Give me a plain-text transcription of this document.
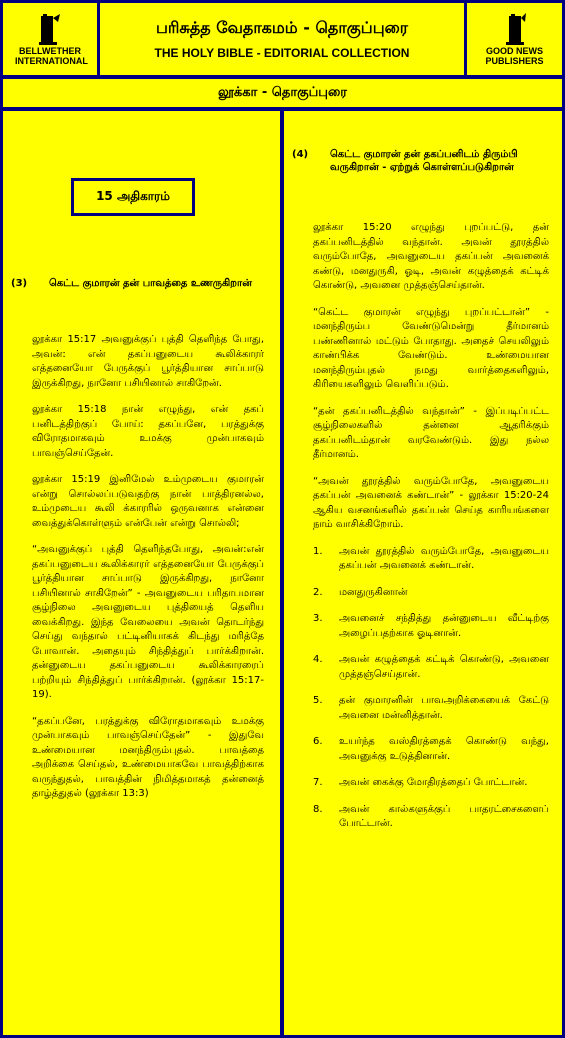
BELLWETHER INTERNATIONAL
பரிசுத்த வேதாகமம் - தொகுப்புரை
THE HOLY BIBLE - EDITORIAL COLLECTION	GOOD NEWS PUBLISHERS
லூக்கா - தொகுப்புரை
15 அதிகாரம்
(3)	கெட்ட குமாரன் தன் பாவத்தை உணருகிறான்

லூக்கா 15:17 அவனுக்குப் புத்தி தெளிந்த போது, அவன்: என் தகப்பனுடைய கூலிக்காரர் எத்தனையோ பேருக்குப் பூர்த்தியான சாப்பாடு இருக்கிறது, நானோ பசியினால் சாகிறேன்.

லூக்கா 15:18 நான் எழுந்து, என் தகப் பனிடத்திற்குப் போய்: தகப்பனே, பரத்துக்கு விரோதமாகவும் உமக்கு முன்பாகவும் பாவஞ்செய்தேன்.

லூக்கா 15:19 இனிமேல் உம்முடைய குமாரன் என்று சொல்லப்படுவதற்கு நான் பாத்திரனல்ல, உம்முடைய கூலி க்காரரில் ஒருவனாக என்னை வைத்துக்கொள்ளும் என்பேன் என்று சொல்லி;

“அவனுக்குப் புத்தி தெளிந்தபோது, அவன்:என் தகப்பனுடைய கூலிக்காரர் எத்தனையோ பேருக்குப் பூர்த்தியான சாப்பாடு இருக்கிறது, நானோ பசியினால் சாகிறேன்” - அவனுடைய பரிதாபமான சூழ்நிலை அவனுடைய புத்தியைத் தெளிய வைக்கிறது. இந்த வேலையை அவன் தொடர்ந்து செய்து வந்தால் பட்டினியாகக் கிடந்து மரித்தே போவான். அதையும் சிந்தித்துப் பார்க்கிறான். தன்னுடைய தகப்பனுடைய கூலிக்காரரைப் பற்றியும் சிந்தித்துப் பார்க்கிறான். (லூக்கா 15:17-19).

“தகப்பனே, பரத்துக்கு விரோதமாகவும் உமக்கு முன்பாகவும் பாவஞ்செய்தேன்” - இதுவே உண்மையான மனந்திரும்புதல். பாவத்தை அறிக்கை செய்தல், உண்மையாகவே பாவத்திற்காக வருந்துதல், பாவத்தின் நிமித்தமாகத் தன்னைத் தாழ்த்துதல் (லூக்கா 13:3)

(4)	கெட்ட குமாரன் தன் தகப்பனிடம் திரும்பி வருகிறான் - ஏற்றுக் கொள்ளப்படுகிறான்

லூக்கா 15:20 எழுந்து புறப்பட்டு, தன் தகப்பனிடத்தில் வந்தான். அவன் தூரத்தில் வரும்போதே, அவனுடைய தகப்பன் அவனைக் கண்டு, மனதுருகி, ஓடி, அவன் கழுத்தைக் கட்டிக் கொண்டு, அவனை முத்தஞ்செய்தான்.

“கெட்ட குமாரன் எழுந்து புறப்பட்டான்” - மனந்திரும்ப வேண்டுமென்று தீர்மானம் பண்ணினால் மட்டும் போதாது. அதைச் செயலிலும் காண்பிக்க வேண்டும். உண்மையான மனந்திரும்புதல் நமது வார்த்தைகளிலும், கிரியைகளிலும் வெளிப்படும்.

“தன் தகப்பனிடத்தில் வந்தான்” - இப்படிப்பட்ட சூழ்நிலைகளில் தன்னை ஆதரிக்கும் தகப்பனிடம்தான் வரவேண்டும். இது நல்ல தீர்மானம்.

“அவன் தூரத்தில் வரும்போதே, அவனுடைய தகப்பன் அவனைக் கண்டான்” - லூக்கா 15:20-24 ஆகிய வசனங்களில் தகப்பன் செய்த காரியங்களை நாம் வாசிக்கிறோம்.

1.	அவன் தூரத்தில் வரும்போதே, அவனுடைய தகப்பன் அவனைக் கண்டான்.
2.	மனதுருகினான்
3.	அவனைச் சந்தித்து தன்னுடைய வீட்டிற்கு அழைப்பதற்காக ஓடினான்.
4.	அவன் கழுத்தைக் கட்டிக் கொண்டு, அவனை முத்தஞ்செய்தான்.
5.	தன் குமாரனின் பாவஅறிக்கையைக் கேட்டு அவனை மன்னித்தான்.
6.	உயர்ந்த வஸ்திரத்தைக் கொண்டு வந்து, அவனுக்கு உடுத்தினான்.
7.	அவன் கைக்கு மோதிரத்தைப் போட்டான்.
8.	அவன் கால்களுக்குப் பாதரட்சைகளைப் போட்டான்.
